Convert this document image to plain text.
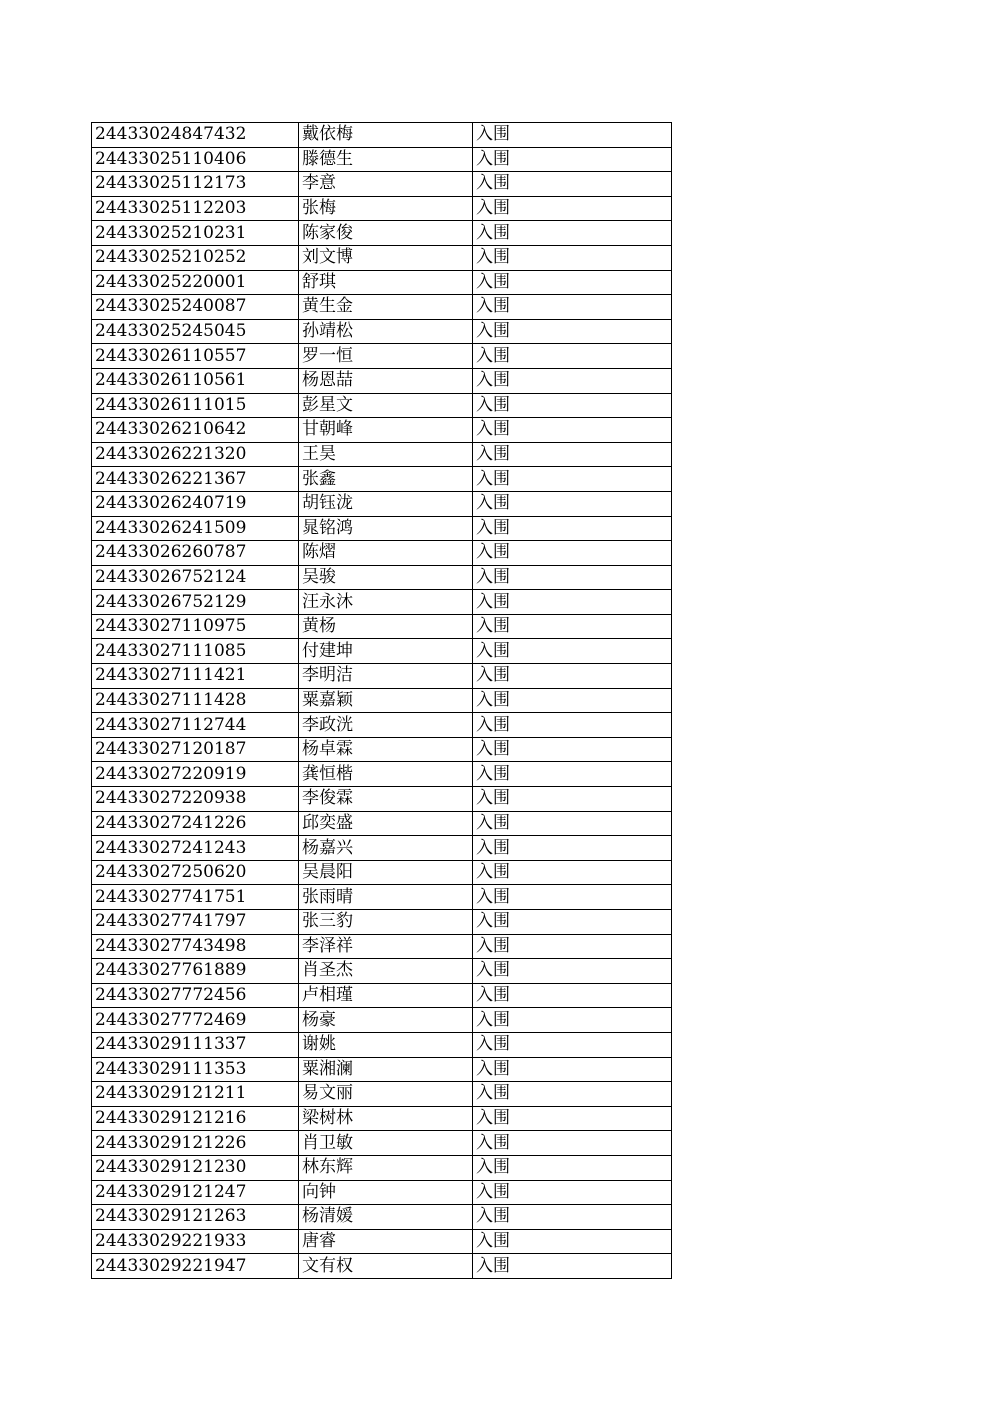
24433024847432	戴依梅	入围
24433025110406	滕德生	入围
24433025112173	李意	入围
24433025112203	张梅	入围
24433025210231	陈家俊	入围
24433025210252	刘文博	入围
24433025220001	舒琪	入围
24433025240087	黄生金	入围
24433025245045	孙靖松	入围
24433026110557	罗一恒	入围
24433026110561	杨恩喆	入围
24433026111015	彭星文	入围
24433026210642	甘朝峰	入围
24433026221320	王昊	入围
24433026221367	张鑫	入围
24433026240719	胡钰泷	入围
24433026241509	晁铭鸿	入围
24433026260787	陈熠	入围
24433026752124	吴骏	入围
24433026752129	汪永沐	入围
24433027110975	黄杨	入围
24433027111085	付建坤	入围
24433027111421	李明洁	入围
24433027111428	粟嘉颖	入围
24433027112744	李政洸	入围
24433027120187	杨卓霖	入围
24433027220919	龚恒楷	入围
24433027220938	李俊霖	入围
24433027241226	邱奕盛	入围
24433027241243	杨嘉兴	入围
24433027250620	吴晨阳	入围
24433027741751	张雨晴	入围
24433027741797	张三豹	入围
24433027743498	李泽祥	入围
24433027761889	肖圣杰	入围
24433027772456	卢相瑾	入围
24433027772469	杨豪	入围
24433029111337	谢姚	入围
24433029111353	粟湘澜	入围
24433029121211	易文丽	入围
24433029121216	梁树林	入围
24433029121226	肖卫敏	入围
24433029121230	林东辉	入围
24433029121247	向钟	入围
24433029121263	杨清媛	入围
24433029221933	唐睿	入围
24433029221947	文有权	入围
